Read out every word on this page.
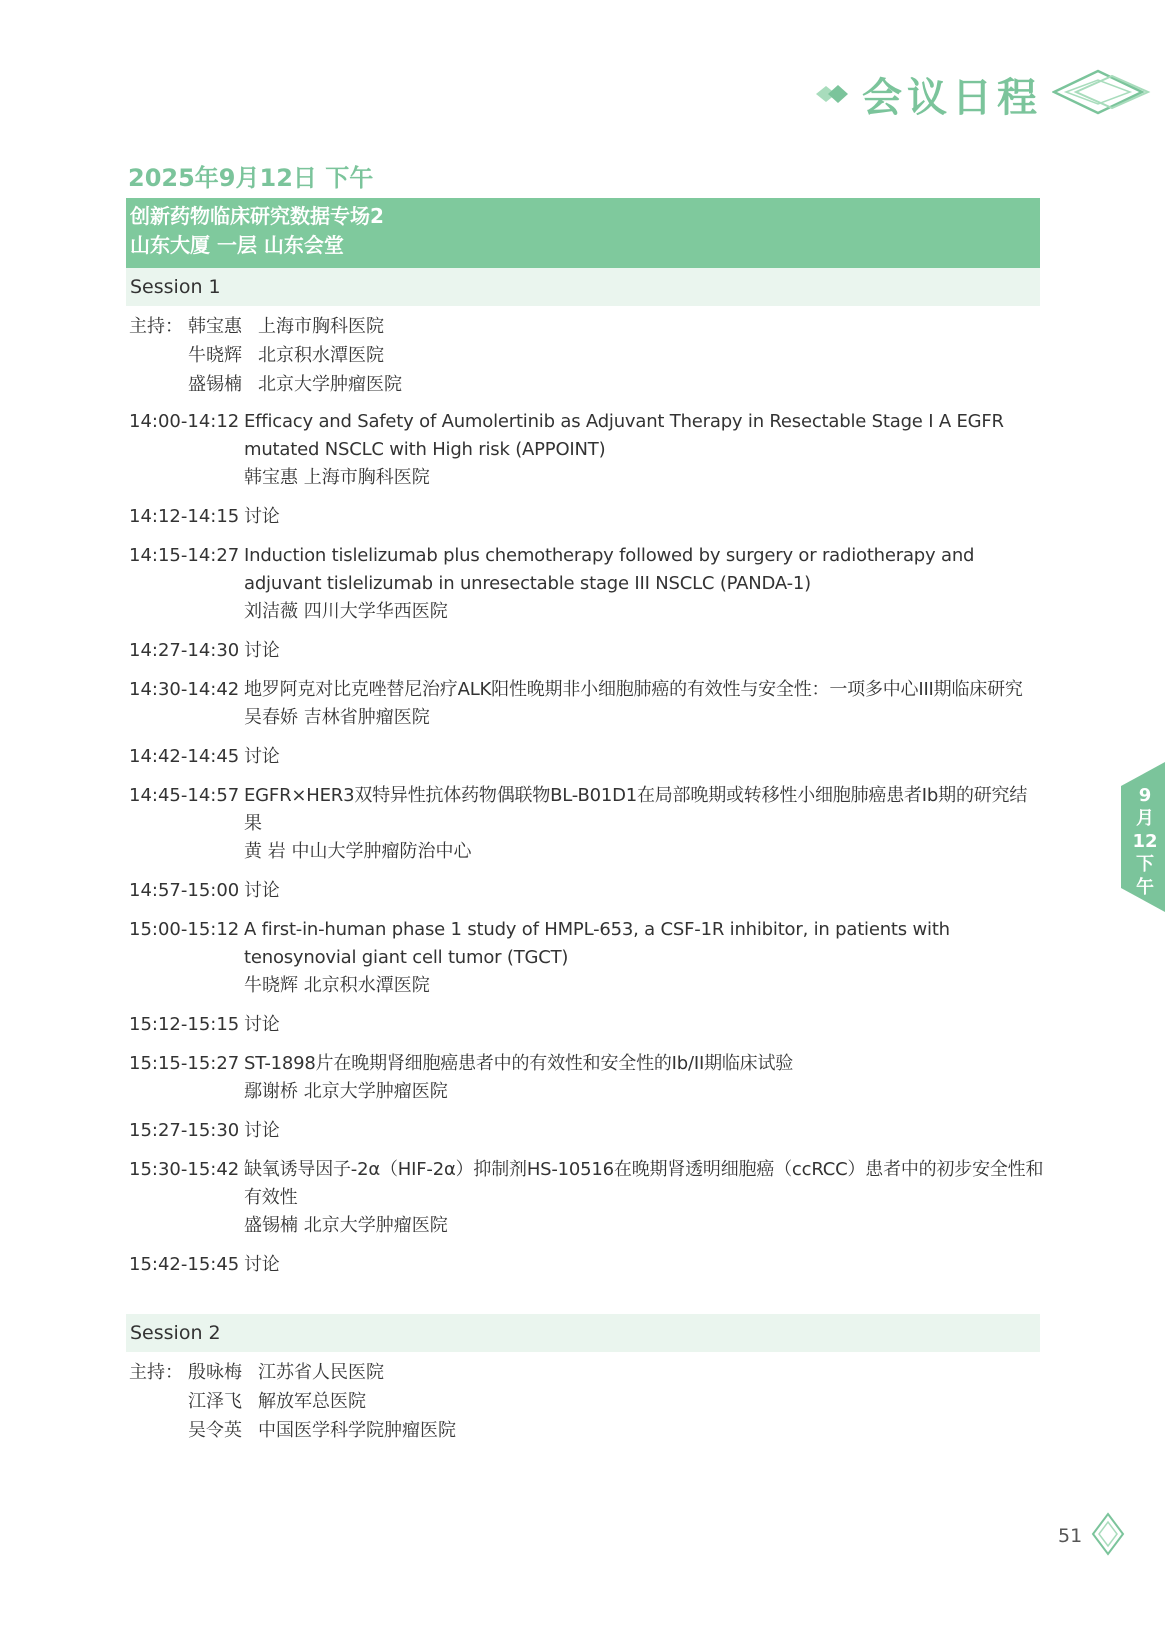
会议日程
2025年9月12日 下午
创新药物临床研究数据专场2
山东大厦 一层 山东会堂
Session 1
主持： 韩宝惠 上海市胸科医院
牛晓辉 北京积水潭医院
盛锡楠 北京大学肿瘤医院
14:00-14:12 Efficacy and Safety of Aumolertinib as Adjuvant Therapy in Resectable Stage I A EGFR mutated NSCLC with High risk (APPOINT)
韩宝惠 上海市胸科医院
14:12-14:15 讨论
14:15-14:27 Induction tislelizumab plus chemotherapy followed by surgery or radiotherapy and adjuvant tislelizumab in unresectable stage III NSCLC (PANDA-1)
刘洁薇 四川大学华西医院
14:27-14:30 讨论
14:30-14:42 地罗阿克对比克唑替尼治疗ALK阳性晚期非小细胞肺癌的有效性与安全性：一项多中心III期临床研究
吴春娇 吉林省肿瘤医院
14:42-14:45 讨论
14:45-14:57 EGFR×HER3双特异性抗体药物偶联物BL-B01D1在局部晚期或转移性小细胞肺癌患者Ib期的研究结果
黄 岩 中山大学肿瘤防治中心
14:57-15:00 讨论
15:00-15:12 A first-in-human phase 1 study of HMPL-653, a CSF-1R inhibitor, in patients with tenosynovial giant cell tumor (TGCT)
牛晓辉 北京积水潭医院
15:12-15:15 讨论
15:15-15:27 ST-1898片在晚期肾细胞癌患者中的有效性和安全性的Ib/II期临床试验
鄢谢桥 北京大学肿瘤医院
15:27-15:30 讨论
15:30-15:42 缺氧诱导因子-2α（HIF-2α）抑制剂HS-10516在晚期肾透明细胞癌（ccRCC）患者中的初步安全性和有效性
盛锡楠 北京大学肿瘤医院
15:42-15:45 讨论
Session 2
主持： 殷咏梅 江苏省人民医院
江泽飞 解放军总医院
吴令英 中国医学科学院肿瘤医院
9
月
12
下
午
51
